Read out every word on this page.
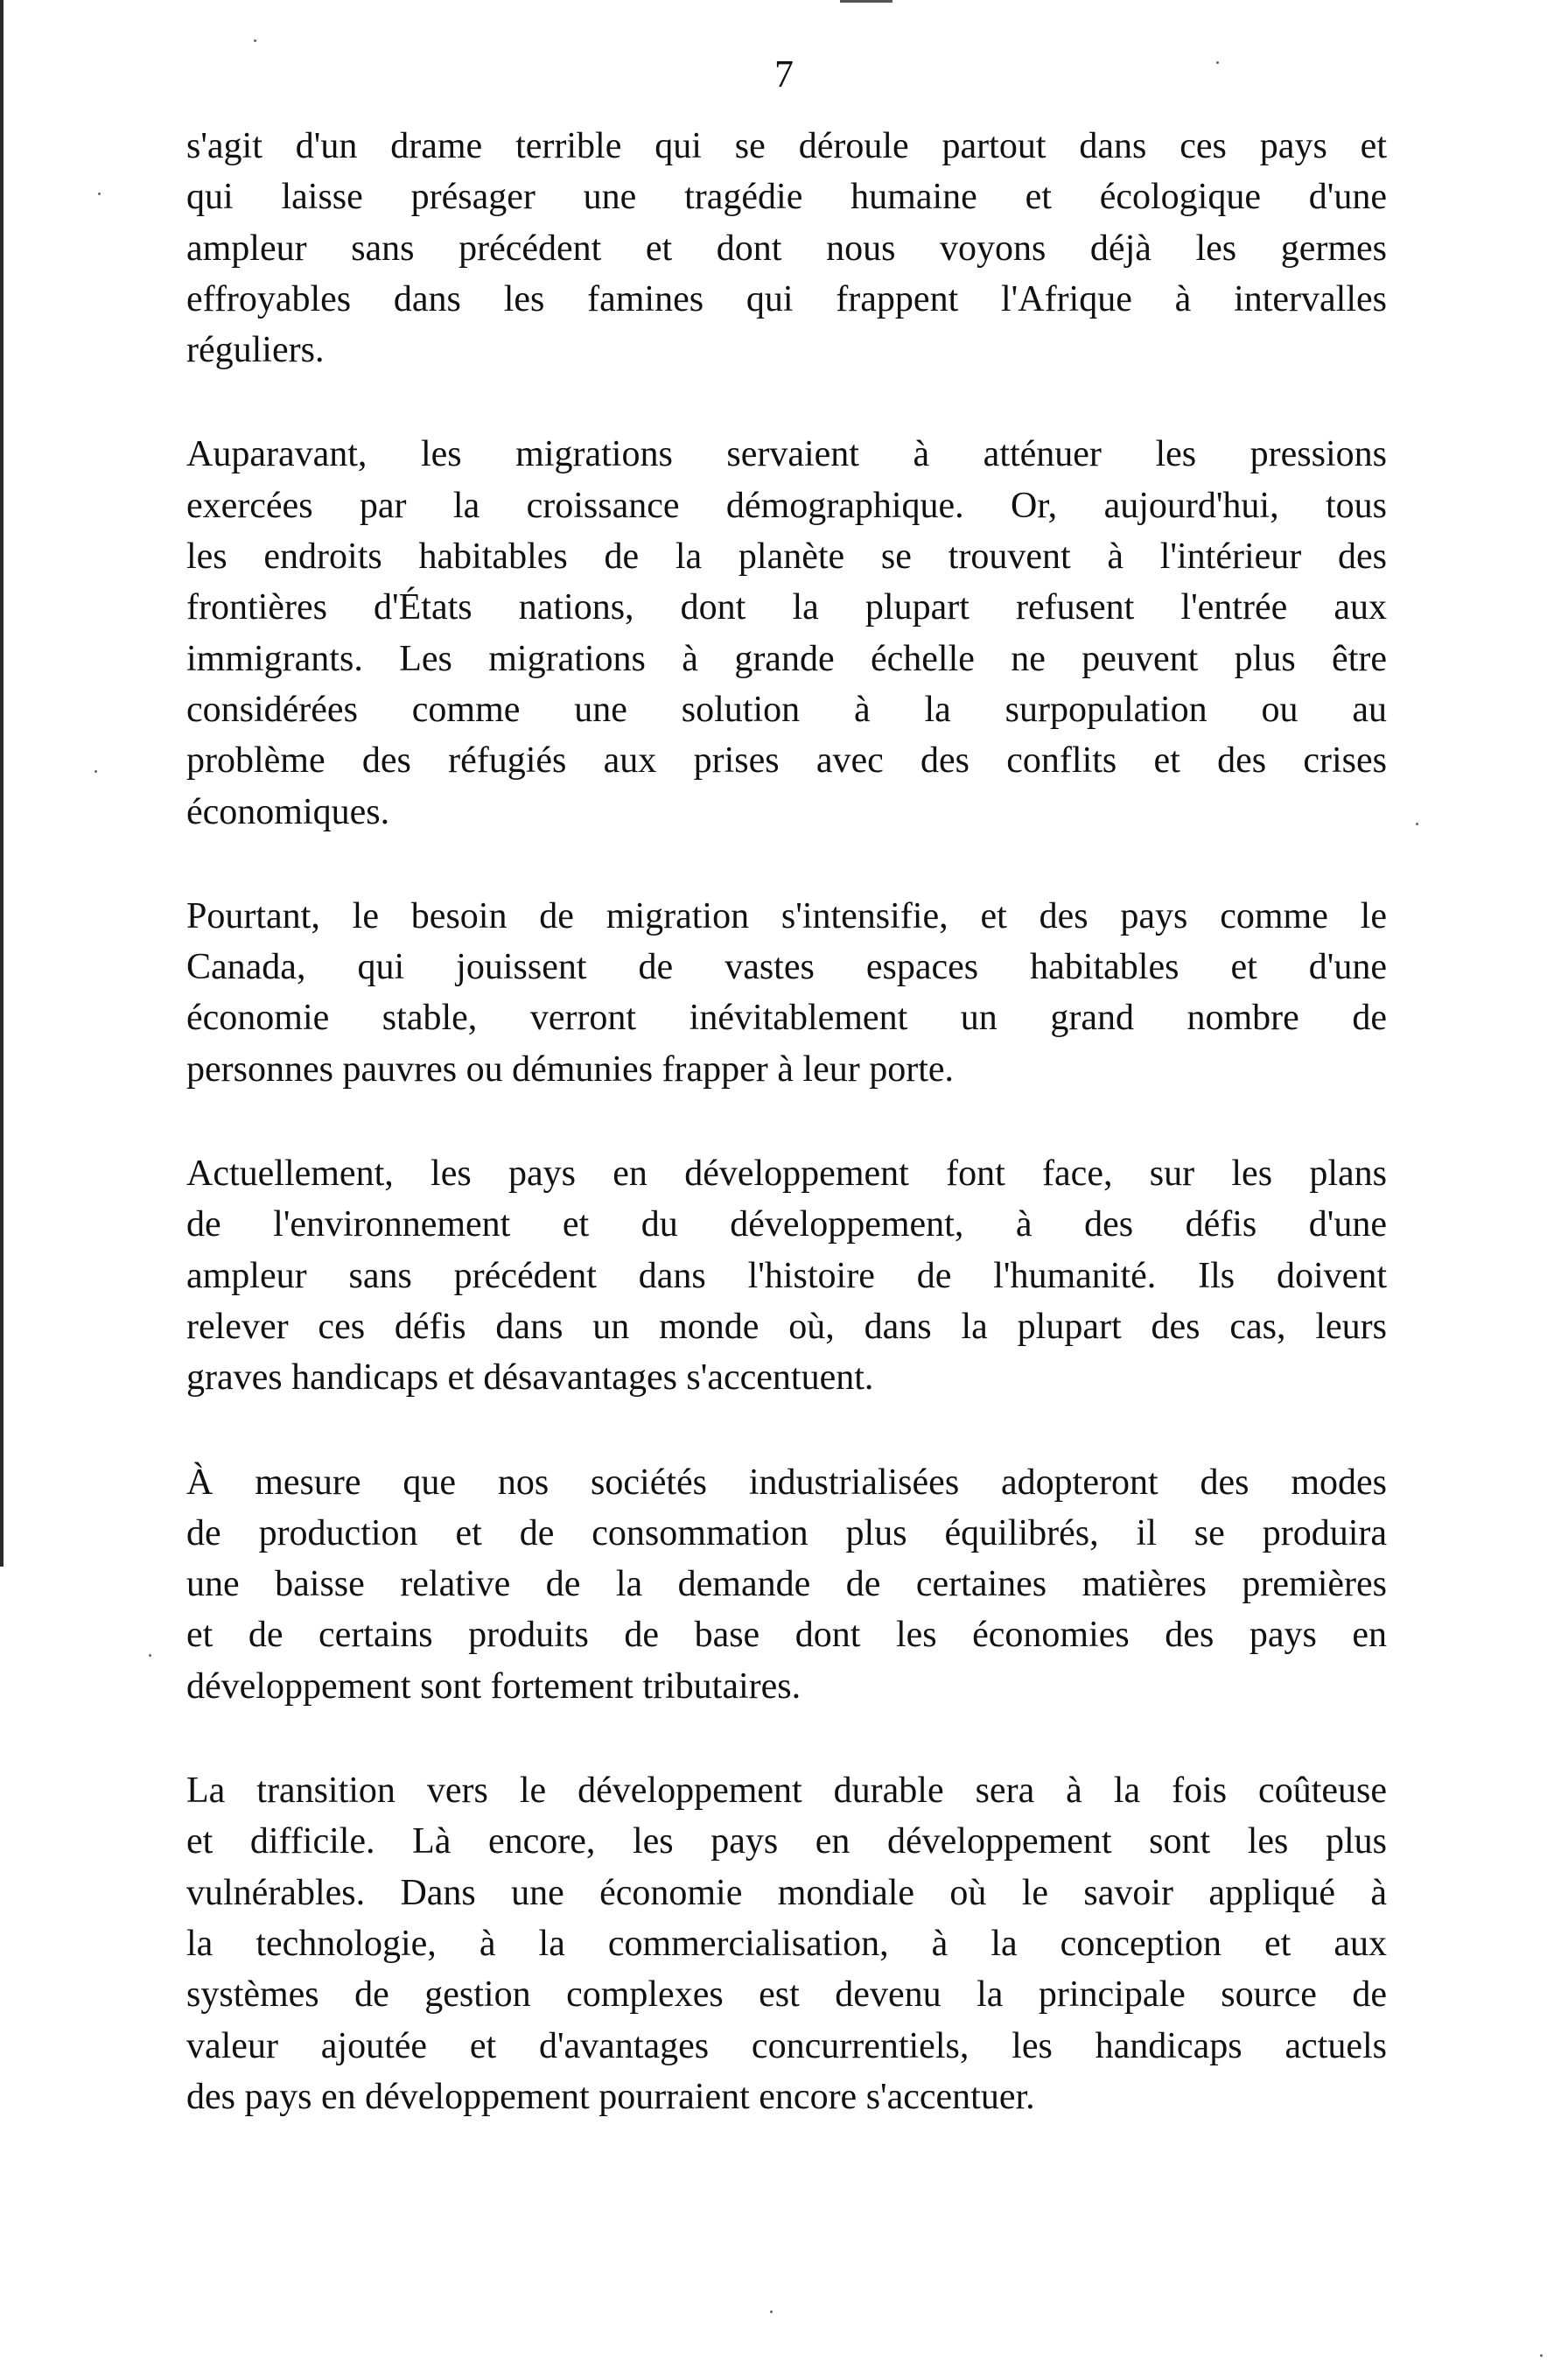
7

s'agit d'un drame terrible qui se déroule partout dans ces pays et
qui laisse présager une tragédie humaine et écologique d'une
ampleur sans précédent et dont nous voyons déjà les germes
effroyables dans les famines qui frappent l'Afrique à intervalles
réguliers.

Auparavant, les migrations servaient à atténuer les pressions
exercées par la croissance démographique. Or, aujourd'hui, tous
les endroits habitables de la planète se trouvent à l'intérieur des
frontières d'États nations, dont la plupart refusent l'entrée aux
immigrants. Les migrations à grande échelle ne peuvent plus être
considérées comme une solution à la surpopulation ou au
problème des réfugiés aux prises avec des conflits et des crises
économiques.

Pourtant, le besoin de migration s'intensifie, et des pays comme le
Canada, qui jouissent de vastes espaces habitables et d'une
économie stable, verront inévitablement un grand nombre de
personnes pauvres ou démunies frapper à leur porte.

Actuellement, les pays en développement font face, sur les plans
de l'environnement et du développement, à des défis d'une
ampleur sans précédent dans l'histoire de l'humanité. Ils doivent
relever ces défis dans un monde où, dans la plupart des cas, leurs
graves handicaps et désavantages s'accentuent.

À mesure que nos sociétés industrialisées adopteront des modes
de production et de consommation plus équilibrés, il se produira
une baisse relative de la demande de certaines matières premières
et de certains produits de base dont les économies des pays en
développement sont fortement tributaires.

La transition vers le développement durable sera à la fois coûteuse
et difficile. Là encore, les pays en développement sont les plus
vulnérables. Dans une économie mondiale où le savoir appliqué à
la technologie, à la commercialisation, à la conception et aux
systèmes de gestion complexes est devenu la principale source de
valeur ajoutée et d'avantages concurrentiels, les handicaps actuels
des pays en développement pourraient encore s'accentuer.
